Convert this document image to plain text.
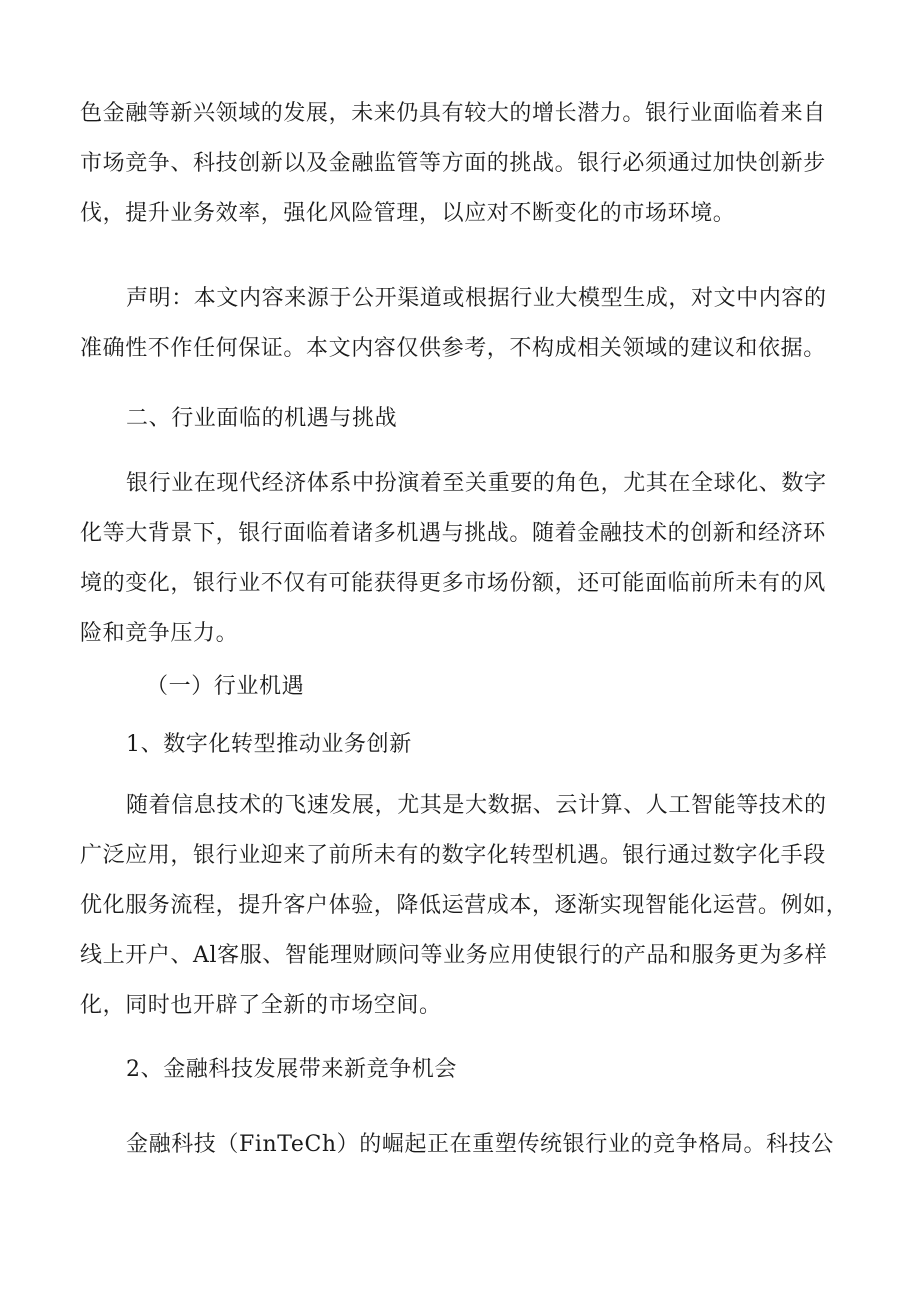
色金融等新兴领域的发展，未来仍具有较大的增长潜力。银行业面临着来自
市场竞争、科技创新以及金融监管等方面的挑战。银行必须通过加快创新步
伐，提升业务效率，强化风险管理，以应对不断变化的市场环境。
声明：本文内容来源于公开渠道或根据行业大模型生成，对文中内容的
准确性不作任何保证。本文内容仅供参考，不构成相关领域的建议和依据。
二、行业面临的机遇与挑战
银行业在现代经济体系中扮演着至关重要的角色，尤其在全球化、数字
化等大背景下，银行面临着诸多机遇与挑战。随着金融技术的创新和经济环
境的变化，银行业不仅有可能获得更多市场份额，还可能面临前所未有的风
险和竞争压力。
（一）行业机遇
1、数字化转型推动业务创新
随着信息技术的飞速发展，尤其是大数据、云计算、人工智能等技术的
广泛应用，银行业迎来了前所未有的数字化转型机遇。银行通过数字化手段
优化服务流程，提升客户体验，降低运营成本，逐渐实现智能化运营。例如，
线上开户、Al客服、智能理财顾问等业务应用使银行的产品和服务更为多样
化，同时也开辟了全新的市场空间。
2、金融科技发展带来新竞争机会
金融科技（FinTeCh）的崛起正在重塑传统银行业的竞争格局。科技公
